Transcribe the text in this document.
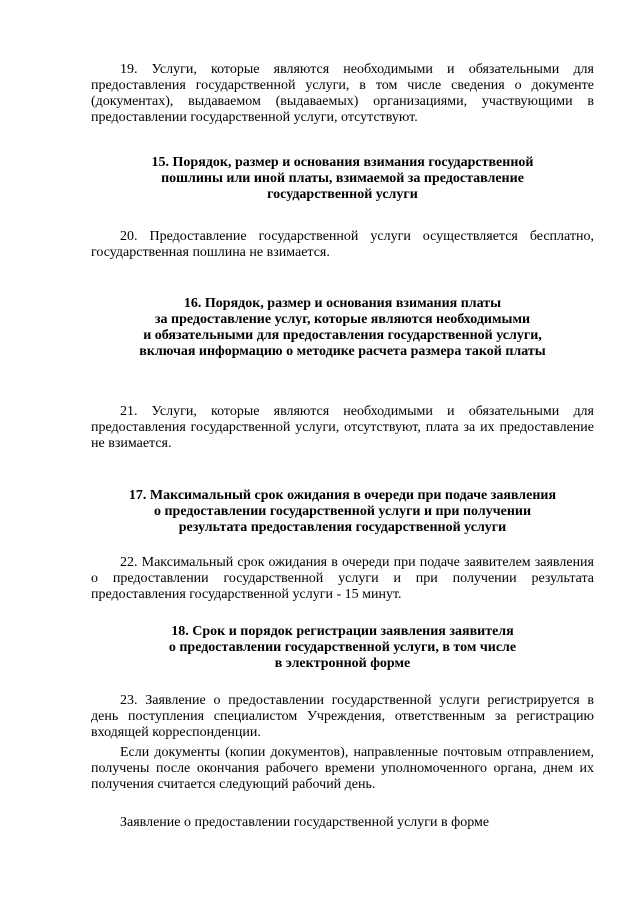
19. Услуги, которые являются необходимыми и обязательными для предоставления государственной услуги, в том числе сведения о документе (документах), выдаваемом (выдаваемых) организациями, участвующими в предоставлении государственной услуги, отсутствуют.

15. Порядок, размер и основания взимания государственной
пошлины или иной платы, взимаемой за предоставление
государственной услуги

20. Предоставление государственной услуги осуществляется бесплатно, государственная пошлина не взимается.

16. Порядок, размер и основания взимания платы
за предоставление услуг, которые являются необходимыми
и обязательными для предоставления государственной услуги,
включая информацию о методике расчета размера такой платы

21. Услуги, которые являются необходимыми и обязательными для предоставления государственной услуги, отсутствуют, плата за их предоставление не взимается.

17. Максимальный срок ожидания в очереди при подаче заявления
о предоставлении государственной услуги и при получении
результата предоставления государственной услуги

22. Максимальный срок ожидания в очереди при подаче заявителем заявления о предоставлении государственной услуги и при получении результата предоставления государственной услуги - 15 минут.

18. Срок и порядок регистрации заявления заявителя
о предоставлении государственной услуги, в том числе
в электронной форме

23. Заявление о предоставлении государственной услуги регистрируется в день поступления специалистом Учреждения, ответственным за регистрацию входящей корреспонденции.

Если документы (копии документов), направленные почтовым отправлением, получены после окончания рабочего времени уполномоченного органа, днем их получения считается следующий рабочий день.

Заявление о предоставлении государственной услуги в форме
